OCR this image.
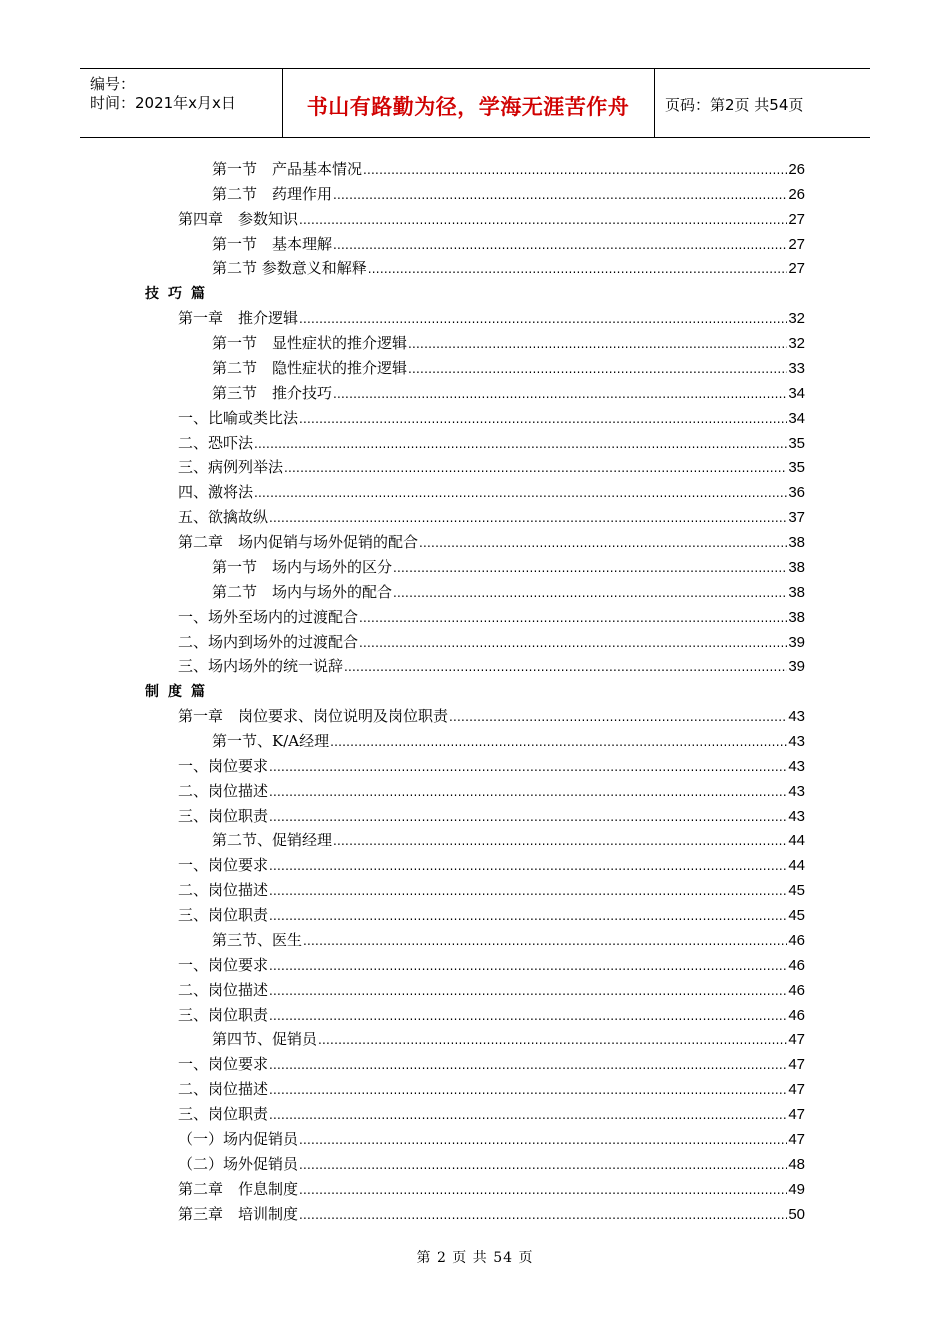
编号：
时间：2021年x月x日	书山有路勤为径，学海无涯苦作舟	页码：第2页 共54页
第一节　产品基本情况 .....	26
第二节　药理作用 .....	26
第四章　参数知识 .....	27
第一节　基本理解 .....	27
第二节 参数意义和解释 .....	27
技巧篇
第一章　推介逻辑 .....	32
第一节　显性症状的推介逻辑 .....	32
第二节　隐性症状的推介逻辑 .....	33
第三节　推介技巧 .....	34
一、比喻或类比法 .....	34
二、恐吓法 .....	35
三、病例列举法 .....	35
四、激将法 .....	36
五、欲擒故纵 .....	37
第二章　场内促销与场外促销的配合 .....	38
第一节　场内与场外的区分 .....	38
第二节　场内与场外的配合 .....	38
一、场外至场内的过渡配合 .....	38
二、场内到场外的过渡配合 .....	39
三、场内场外的统一说辞 .....	39
制度篇
第一章　岗位要求、岗位说明及岗位职责 .....	43
第一节、K/A经理 .....	43
一、岗位要求 .....	43
二、岗位描述 .....	43
三、岗位职责 .....	43
第二节、促销经理 .....	44
一、岗位要求 .....	44
二、岗位描述 .....	45
三、岗位职责 .....	45
第三节、医生 .....	46
一、岗位要求 .....	46
二、岗位描述 .....	46
三、岗位职责 .....	46
第四节、促销员 .....	47
一、岗位要求 .....	47
二、岗位描述 .....	47
三、岗位职责 .....	47
（一）场内促销员 .....	47
（二）场外促销员 .....	48
第二章　作息制度 .....	49
第三章　培训制度 .....	50
第 2 页 共 54 页
